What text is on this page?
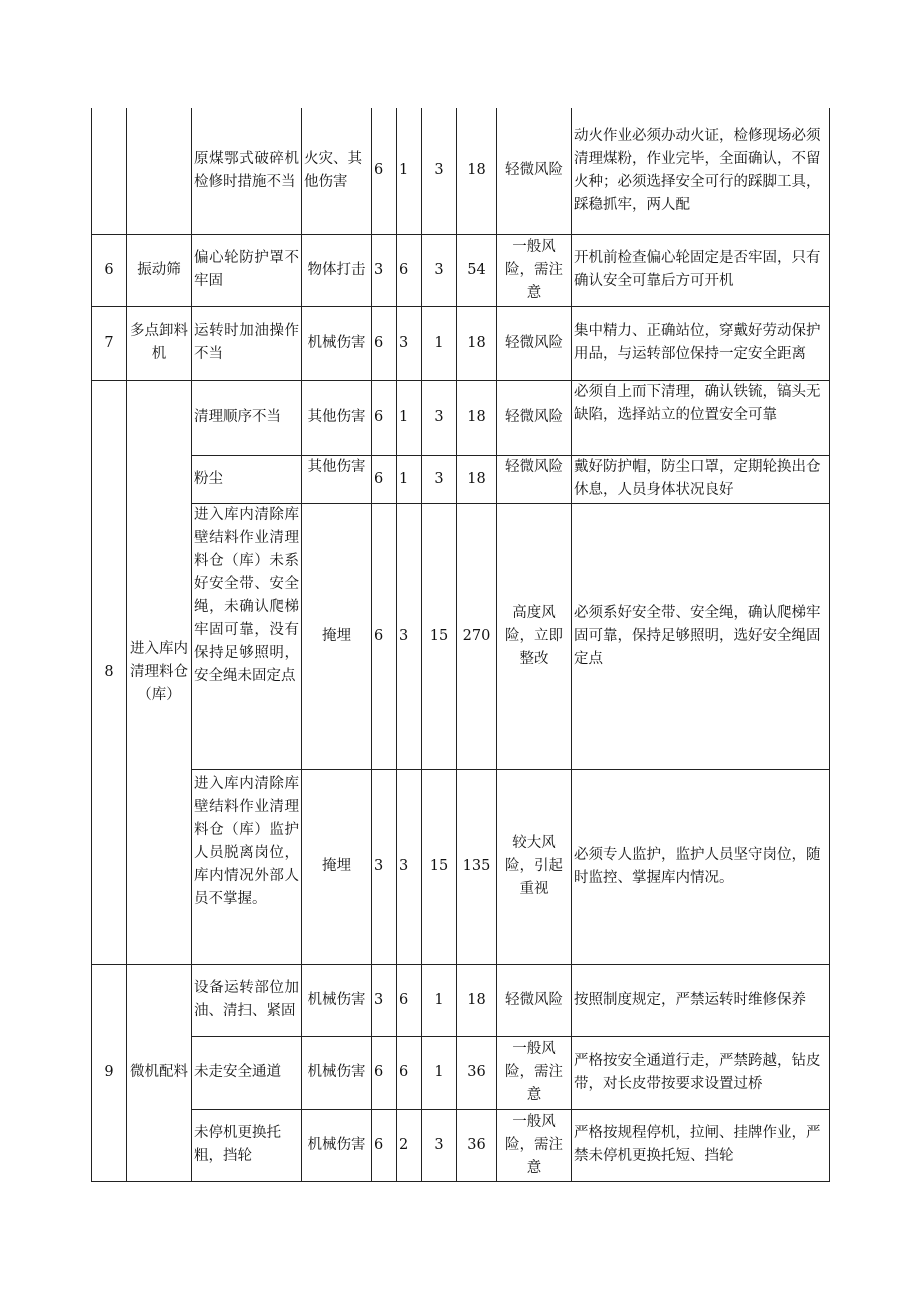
		原煤鄂式破碎机检修时措施不当	火灾、其他伤害	6	1	3	18	轻微风险	动火作业必须办动火证，检修现场必须清理煤粉，作业完毕，全面确认，不留火种；必须选择安全可行的踩脚工具，踩稳抓牢，两人配
6	振动筛	偏心轮防护罩不牢固	物体打击	3	6	3	54	一般风险，需注意	开机前检查偏心轮固定是否牢固，只有确认安全可靠后方可开机
7	多点卸料机	运转时加油操作不当	机械伤害	6	3	1	18	轻微风险	集中精力、正确站位，穿戴好劳动保护用品，与运转部位保持一定安全距离
8	进入库内清理料仓（库）	清理顺序不当	其他伤害	6	1	3	18	轻微风险	必须自上而下清理，确认铁锍，镐头无缺陷，选择站立的位置安全可靠
		粉尘	其他伤害	6	1	3	18	轻微风险	戴好防护帽，防尘口罩，定期轮换出仓休息，人员身体状况良好
		进入库内清除库壁结料作业清理料仓（库）未系好安全带、安全绳，未确认爬梯牢固可靠，没有保持足够照明，安全绳未固定点	掩埋	6	3	15	270	高度风险，立即整改	必须系好安全带、安全绳，确认爬梯牢固可靠，保持足够照明，选好安全绳固定点
		进入库内清除库壁结料作业清理料仓（库）监护人员脱离岗位，库内情况外部人员不掌握。	掩埋	3	3	15	135	较大风险，引起重视	必须专人监护，监护人员坚守岗位，随时监控、掌握库内情况。
9	微机配料	设备运转部位加油、清扫、紧固	机械伤害	3	6	1	18	轻微风险	按照制度规定，严禁运转时维修保养
		未走安全通道	机械伤害	6	6	1	36	一般风险，需注意	严格按安全通道行走，严禁跨越，钻皮带，对长皮带按要求设置过桥
		未停机更换托粗，挡轮	机械伤害	6	2	3	36	一般风险，需注意	严格按规程停机，拉闸、挂牌作业，严禁未停机更换托短、挡轮
